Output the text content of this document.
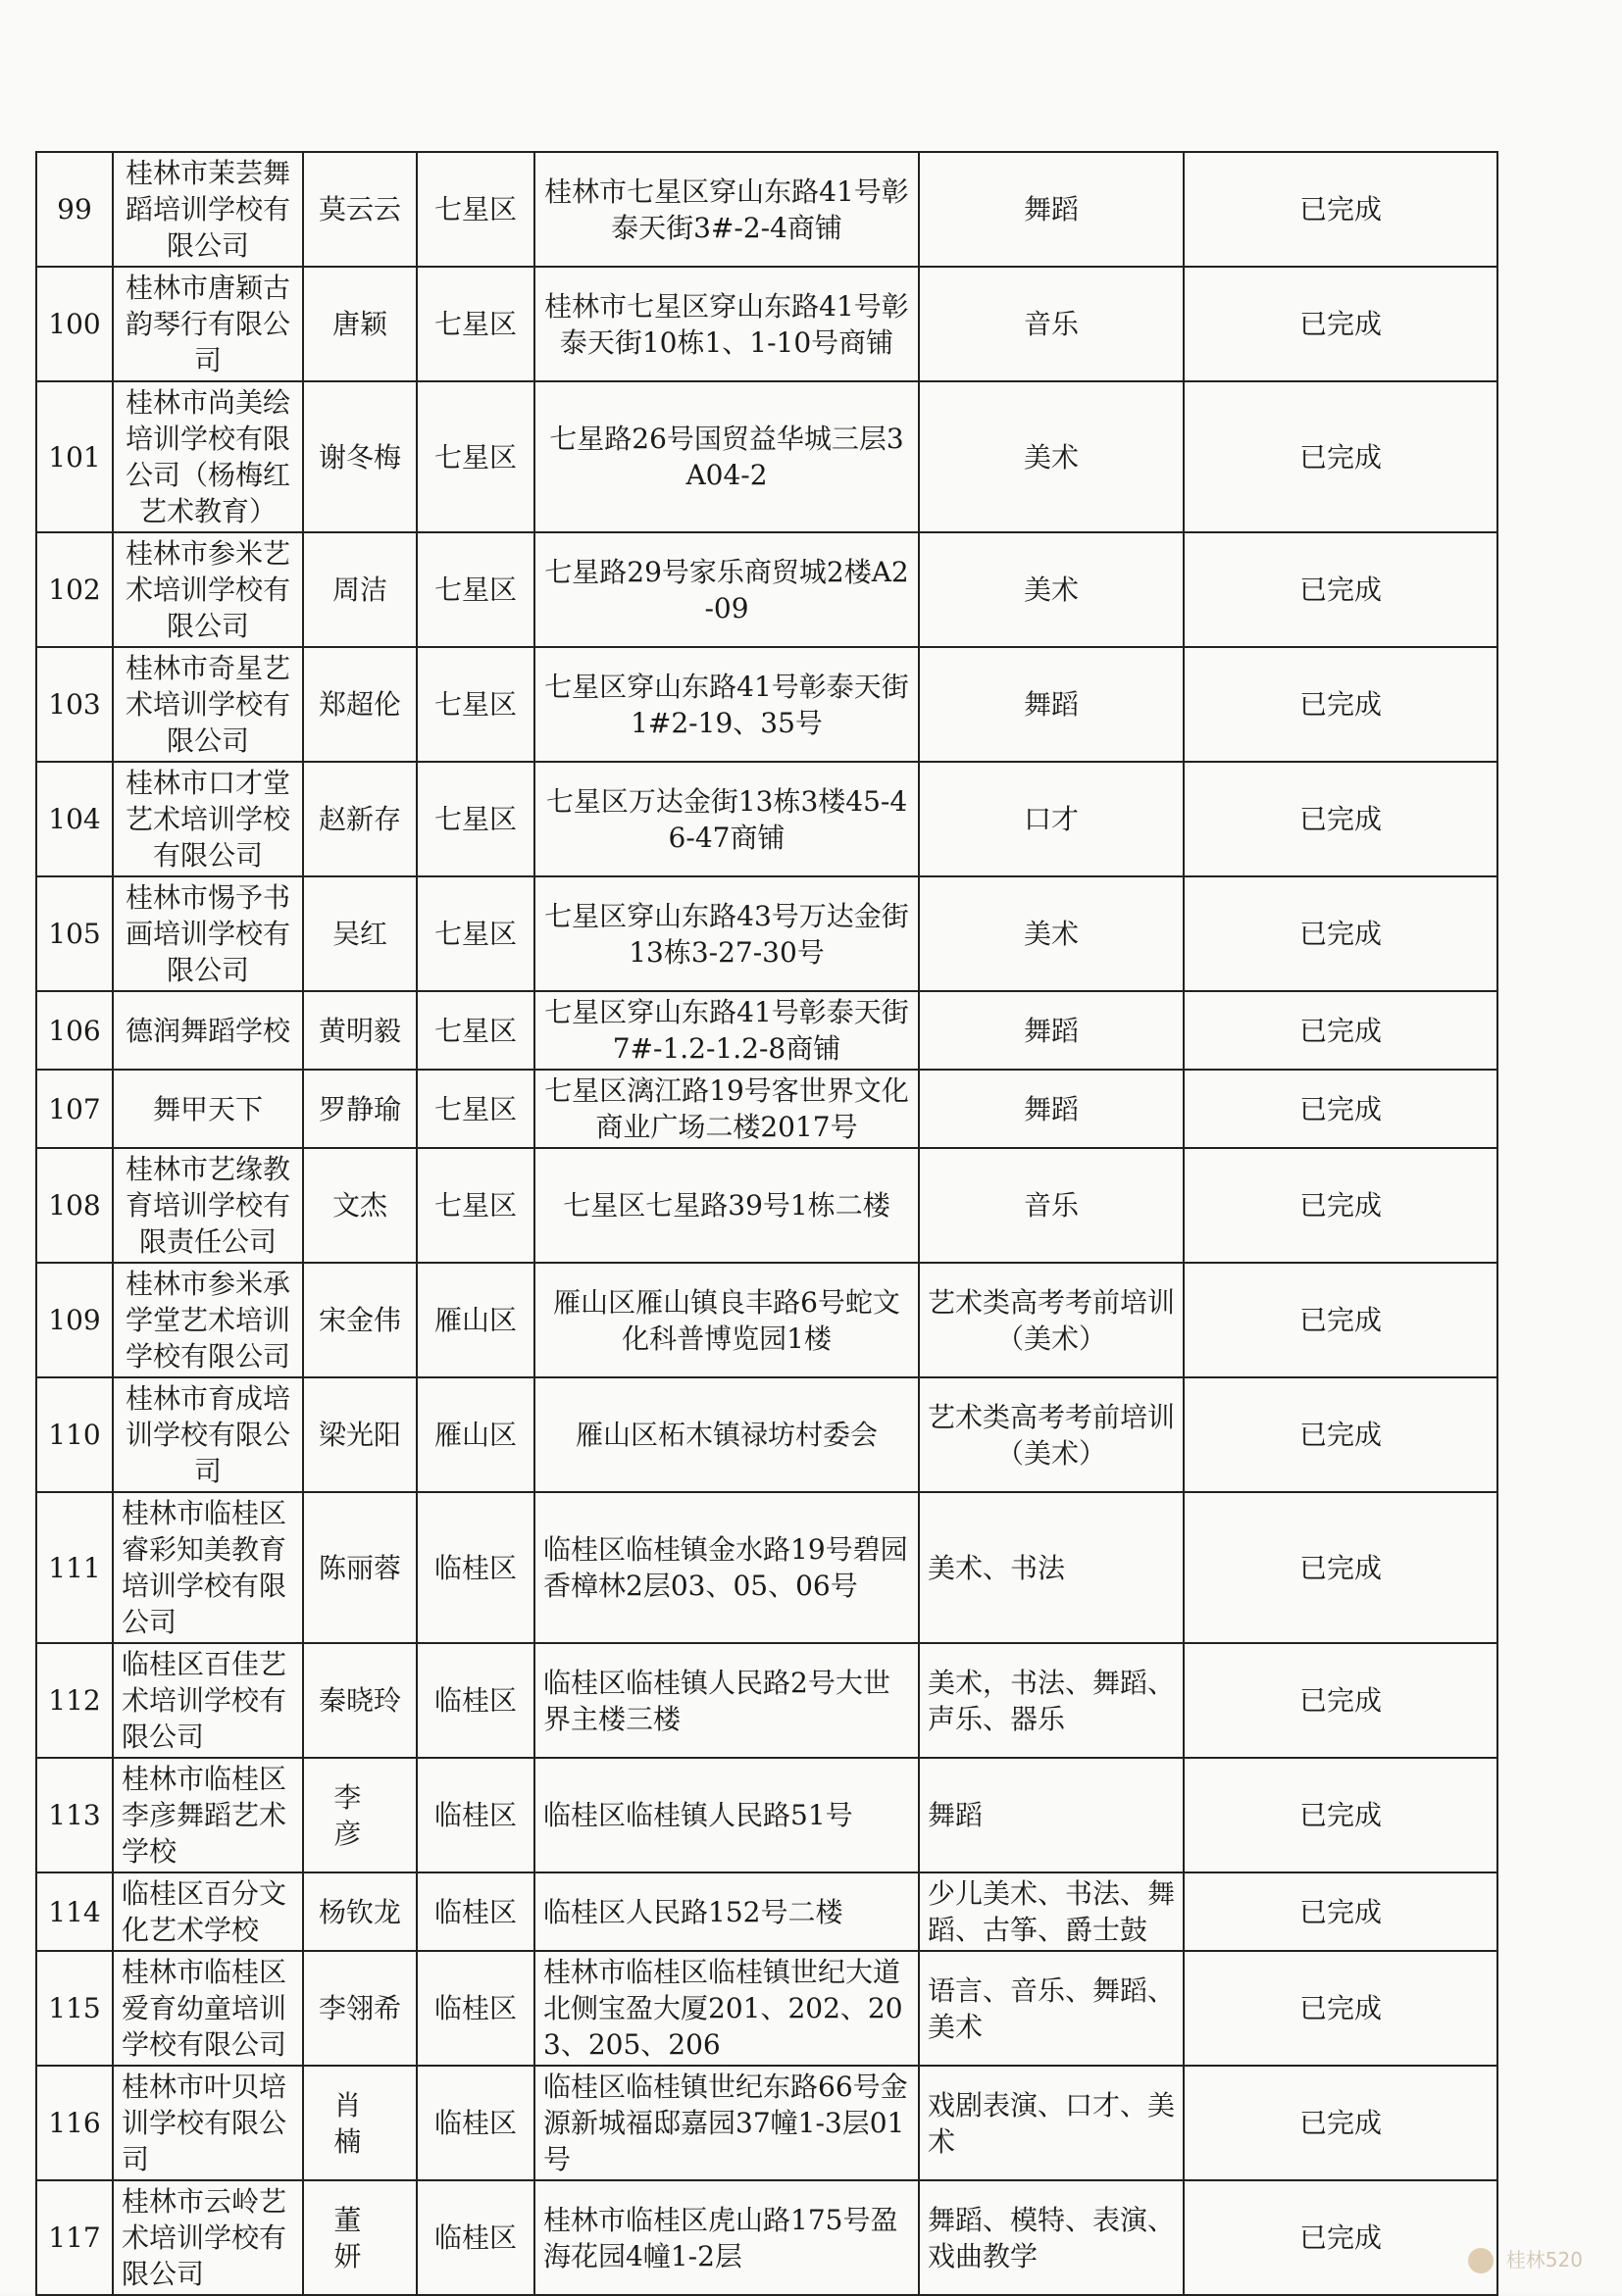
99	桂林市茉芸舞蹈培训学校有限公司	莫云云	七星区	桂林市七星区穿山东路41号彰泰天街3#-2-4商铺	舞蹈	已完成
100	桂林市唐颖古韵琴行有限公司	唐颖	七星区	桂林市七星区穿山东路41号彰泰天街10栋1、1-10号商铺	音乐	已完成
101	桂林市尚美绘培训学校有限公司（杨梅红艺术教育）	谢冬梅	七星区	七星路26号国贸益华城三层3A04-2	美术	已完成
102	桂林市参米艺术培训学校有限公司	周洁	七星区	七星路29号家乐商贸城2楼A2-09	美术	已完成
103	桂林市奇星艺术培训学校有限公司	郑超伦	七星区	七星区穿山东路41号彰泰天街1#2-19、35号	舞蹈	已完成
104	桂林市口才堂艺术培训学校有限公司	赵新存	七星区	七星区万达金街13栋3楼45-46-47商铺	口才	已完成
105	桂林市惕予书画培训学校有限公司	吴红	七星区	七星区穿山东路43号万达金街13栋3-27-30号	美术	已完成
106	德润舞蹈学校	黄明毅	七星区	七星区穿山东路41号彰泰天街7#-1.2-1.2-8商铺	舞蹈	已完成
107	舞甲天下	罗静瑜	七星区	七星区漓江路19号客世界文化商业广场二楼2017号	舞蹈	已完成
108	桂林市艺缘教育培训学校有限责任公司	文杰	七星区	七星区七星路39号1栋二楼	音乐	已完成
109	桂林市参米承学堂艺术培训学校有限公司	宋金伟	雁山区	雁山区雁山镇良丰路6号蛇文化科普博览园1楼	艺术类高考考前培训（美术）	已完成
110	桂林市育成培训学校有限公司	梁光阳	雁山区	雁山区柘木镇禄坊村委会	艺术类高考考前培训（美术）	已完成
111	桂林市临桂区睿彩知美教育培训学校有限公司	陈丽蓉	临桂区	临桂区临桂镇金水路19号碧园香樟林2层03、05、06号	美术、书法	已完成
112	临桂区百佳艺术培训学校有限公司	秦晓玲	临桂区	临桂区临桂镇人民路2号大世界主楼三楼	美术，书法、舞蹈、声乐、器乐	已完成
113	桂林市临桂区李彦舞蹈艺术学校	李彦	临桂区	临桂区临桂镇人民路51号	舞蹈	已完成
114	临桂区百分文化艺术学校	杨钦龙	临桂区	临桂区人民路152号二楼	少儿美术、书法、舞蹈、古筝、爵士鼓	已完成
115	桂林市临桂区爱育幼童培训学校有限公司	李翎希	临桂区	桂林市临桂区临桂镇世纪大道北侧宝盈大厦201、202、203、205、206	语言、音乐、舞蹈、美术	已完成
116	桂林市叶贝培训学校有限公司	肖楠	临桂区	临桂区临桂镇世纪东路66号金源新城福邸嘉园37幢1-3层01号	戏剧表演、口才、美术	已完成
117	桂林市云岭艺术培训学校有限公司	董妍	临桂区	桂林市临桂区虎山路175号盈海花园4幢1-2层	舞蹈、模特、表演、戏曲教学	已完成
桂林520
